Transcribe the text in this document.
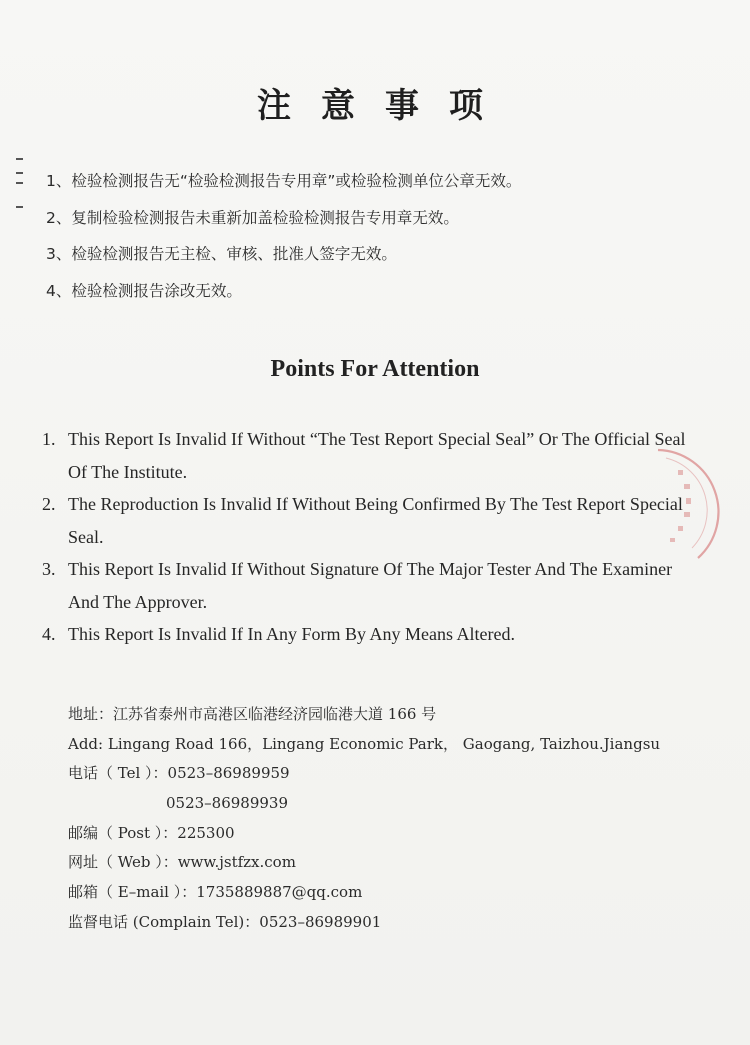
注意事项
1、检验检测报告无“检验检测报告专用章”或检验检测单位公章无效。
2、复制检验检测报告未重新加盖检验检测报告专用章无效。
3、检验检测报告无主检、审核、批准人签字无效。
4、检验检测报告涂改无效。
Points For Attention
1. This Report Is Invalid If Without “The Test Report Special Seal” Or The Official Seal Of The Institute.
2. The Reproduction Is Invalid If Without Being Confirmed By The Test Report Special Seal.
3. This Report Is Invalid If Without Signature Of The Major Tester And The Examiner And The Approver.
4. This Report Is Invalid If In Any Form By Any Means Altered.
地址：江苏省泰州市高港区临港经济园临港大道 166 号
Add: Lingang Road 166，Lingang Economic Park， Gaogang, Taizhou.Jiangsu
电话（ Tel ）：0523–86989959
0523–86989939
邮编（ Post ）：225300
网址（ Web ）：www.jstfzx.com
邮箱（ E–mail ）：1735889887@qq.com
监督电话 (Complain Tel)：0523–86989901
